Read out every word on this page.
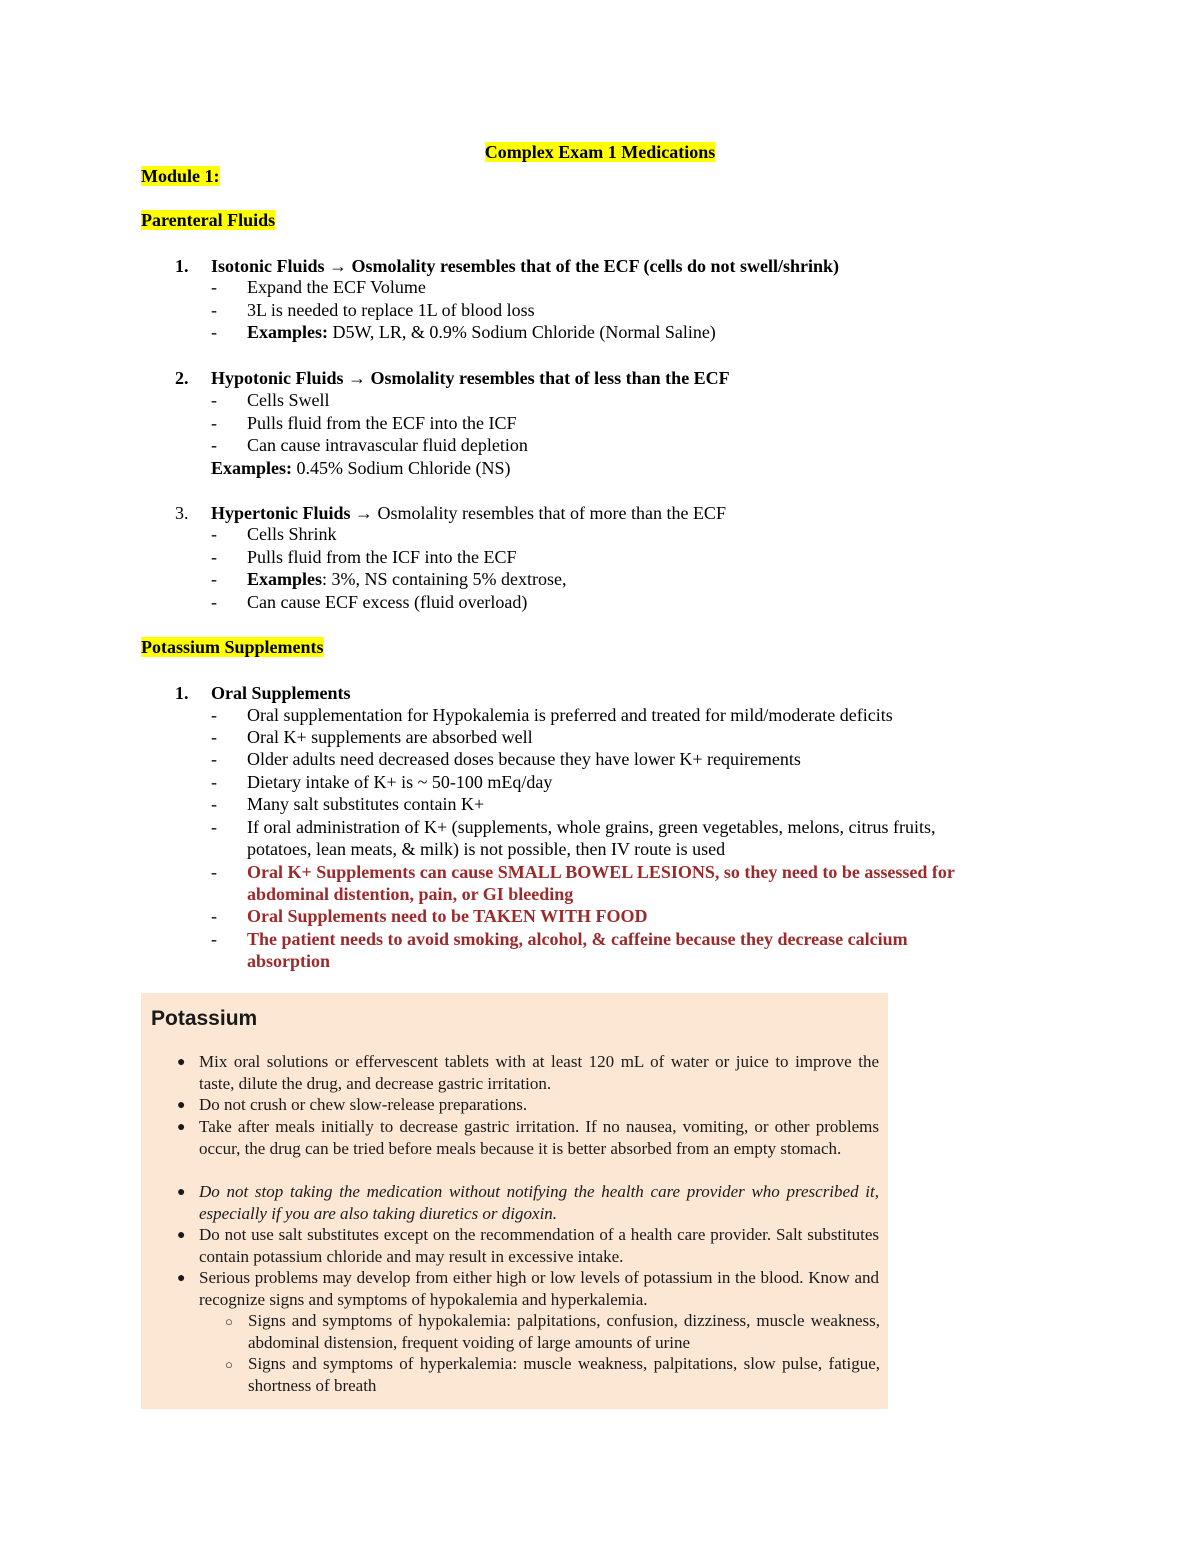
Complex Exam 1 Medications
Module 1:
Parenteral Fluids
1. Isotonic Fluids → Osmolality resembles that of the ECF (cells do not swell/shrink)
- Expand the ECF Volume
- 3L is needed to replace 1L of blood loss
- Examples: D5W, LR, & 0.9% Sodium Chloride (Normal Saline)
2. Hypotonic Fluids → Osmolality resembles that of less than the ECF
- Cells Swell
- Pulls fluid from the ECF into the ICF
- Can cause intravascular fluid depletion
Examples: 0.45% Sodium Chloride (NS)
3. Hypertonic Fluids → Osmolality resembles that of more than the ECF
- Cells Shrink
- Pulls fluid from the ICF into the ECF
- Examples: 3%, NS containing 5% dextrose,
- Can cause ECF excess (fluid overload)
Potassium Supplements
1. Oral Supplements
- Oral supplementation for Hypokalemia is preferred and treated for mild/moderate deficits
- Oral K+ supplements are absorbed well
- Older adults need decreased doses because they have lower K+ requirements
- Dietary intake of K+ is ~ 50-100 mEq/day
- Many salt substitutes contain K+
- If oral administration of K+ (supplements, whole grains, green vegetables, melons, citrus fruits,
potatoes, lean meats, & milk) is not possible, then IV route is used
- Oral K+ Supplements can cause SMALL BOWEL LESIONS, so they need to be assessed for
abdominal distention, pain, or GI bleeding
- Oral Supplements need to be TAKEN WITH FOOD
- The patient needs to avoid smoking, alcohol, & caffeine because they decrease calcium
absorption
Potassium
● Mix oral solutions or effervescent tablets with at least 120 mL of water or juice to improve the taste, dilute the drug, and decrease gastric irritation.
● Do not crush or chew slow-release preparations.
● Take after meals initially to decrease gastric irritation. If no nausea, vomiting, or other problems occur, the drug can be tried before meals because it is better absorbed from an empty stomach.
● Do not stop taking the medication without notifying the health care provider who prescribed it, especially if you are also taking diuretics or digoxin.
● Do not use salt substitutes except on the recommendation of a health care provider. Salt substitutes contain potassium chloride and may result in excessive intake.
● Serious problems may develop from either high or low levels of potassium in the blood. Know and recognize signs and symptoms of hypokalemia and hyperkalemia.
○ Signs and symptoms of hypokalemia: palpitations, confusion, dizziness, muscle weakness, abdominal distension, frequent voiding of large amounts of urine
○ Signs and symptoms of hyperkalemia: muscle weakness, palpitations, slow pulse, fatigue, shortness of breath
